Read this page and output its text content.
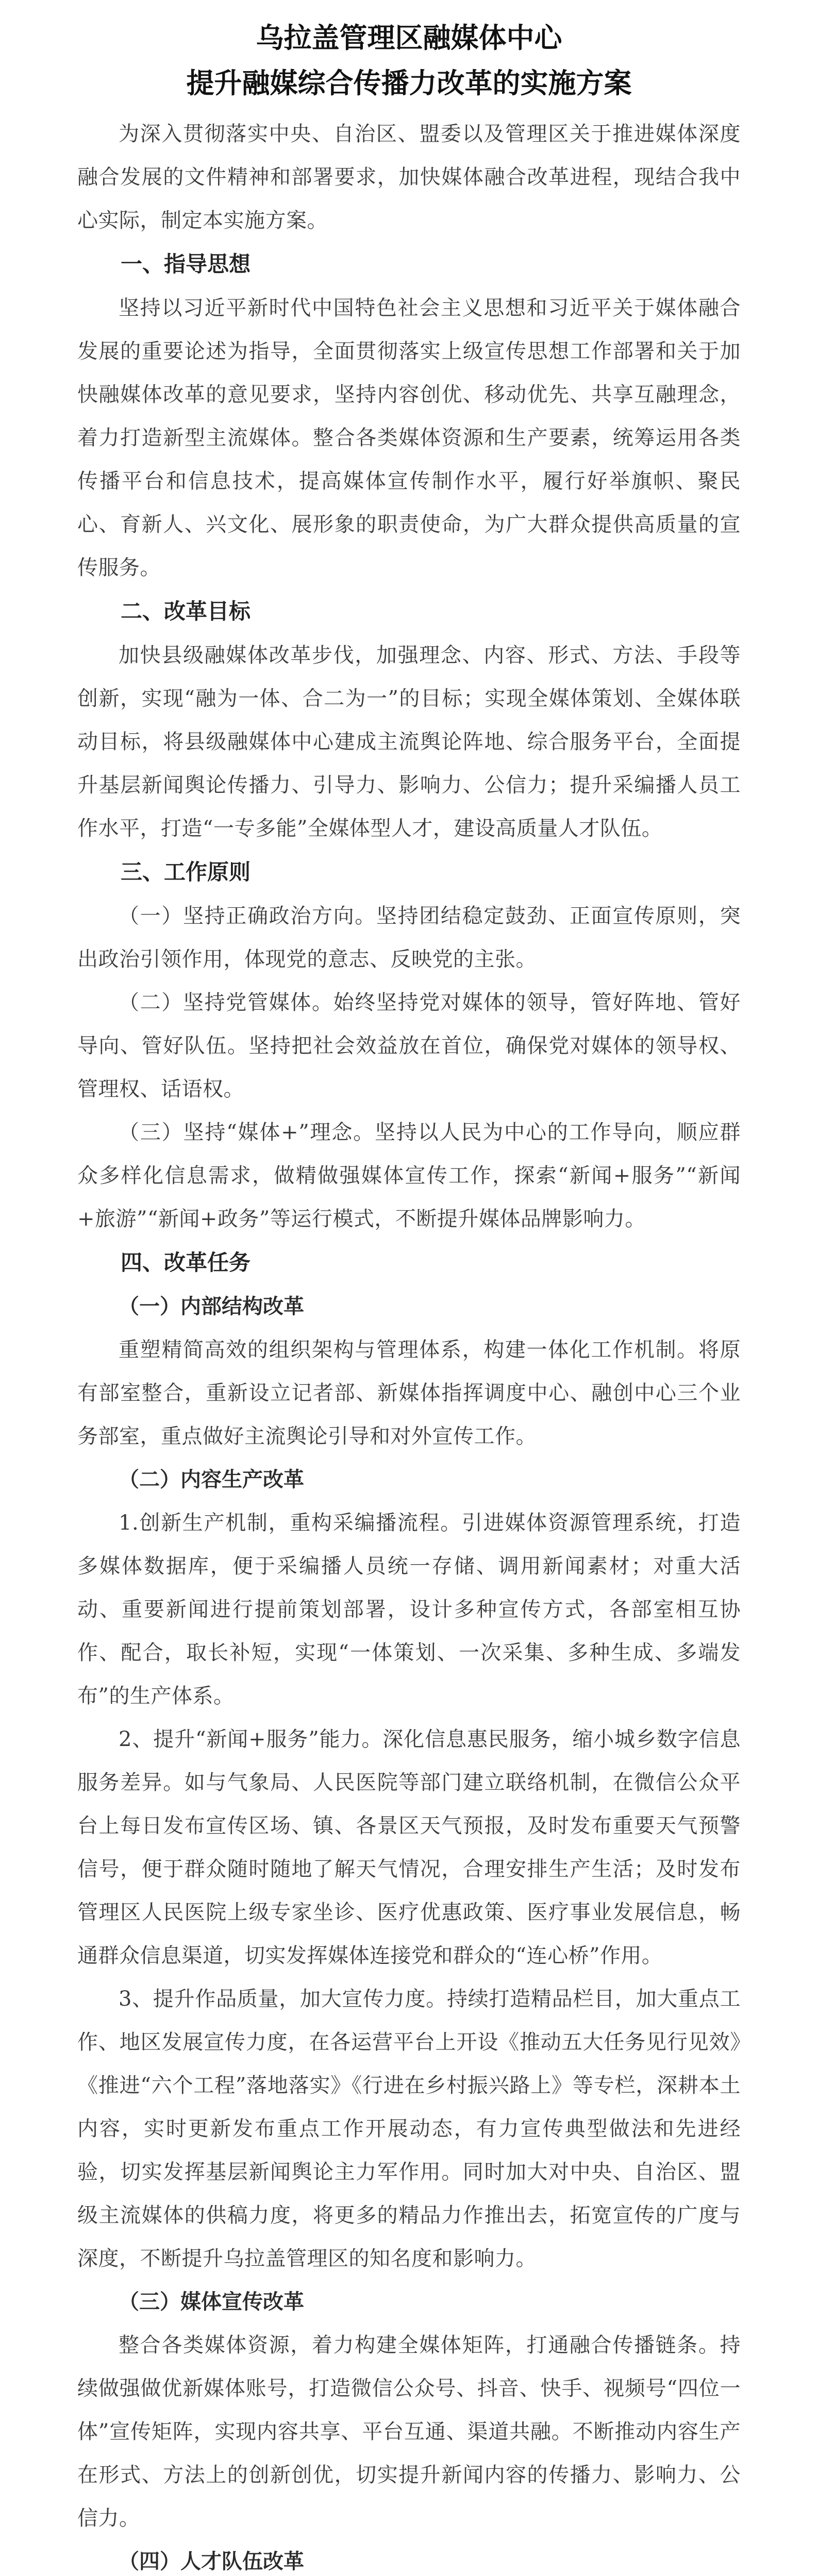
乌拉盖管理区融媒体中心

提升融媒综合传播力改革的实施方案

为深入贯彻落实中央、自治区、盟委以及管理区关于推进媒体深度融合发展的文件精神和部署要求，加快媒体融合改革进程，现结合我中心实际，制定本实施方案。

一、指导思想

坚持以习近平新时代中国特色社会主义思想和习近平关于媒体融合发展的重要论述为指导，全面贯彻落实上级宣传思想工作部署和关于加快融媒体改革的意见要求，坚持内容创优、移动优先、共享互融理念，着力打造新型主流媒体。整合各类媒体资源和生产要素，统筹运用各类传播平台和信息技术，提高媒体宣传制作水平，履行好举旗帜、聚民心、育新人、兴文化、展形象的职责使命，为广大群众提供高质量的宣传服务。

二、改革目标

加快县级融媒体改革步伐，加强理念、内容、形式、方法、手段等创新，实现“融为一体、合二为一”的目标；实现全媒体策划、全媒体联动目标，将县级融媒体中心建成主流舆论阵地、综合服务平台，全面提升基层新闻舆论传播力、引导力、影响力、公信力；提升采编播人员工作水平，打造“一专多能”全媒体型人才，建设高质量人才队伍。

三、工作原则

（一）坚持正确政治方向。坚持团结稳定鼓劲、正面宣传原则，突出政治引领作用，体现党的意志、反映党的主张。

（二）坚持党管媒体。始终坚持党对媒体的领导，管好阵地、管好导向、管好队伍。坚持把社会效益放在首位，确保党对媒体的领导权、管理权、话语权。

（三）坚持“媒体+”理念。坚持以人民为中心的工作导向，顺应群众多样化信息需求，做精做强媒体宣传工作，探索“新闻+服务”“新闻+旅游”“新闻+政务”等运行模式，不断提升媒体品牌影响力。

四、改革任务

（一）内部结构改革

重塑精简高效的组织架构与管理体系，构建一体化工作机制。将原有部室整合，重新设立记者部、新媒体指挥调度中心、融创中心三个业务部室，重点做好主流舆论引导和对外宣传工作。

（二）内容生产改革

1.创新生产机制，重构采编播流程。引进媒体资源管理系统，打造多媒体数据库，便于采编播人员统一存储、调用新闻素材；对重大活动、重要新闻进行提前策划部署，设计多种宣传方式，各部室相互协作、配合，取长补短，实现“一体策划、一次采集、多种生成、多端发布”的生产体系。

2、提升“新闻+服务”能力。深化信息惠民服务，缩小城乡数字信息服务差异。如与气象局、人民医院等部门建立联络机制，在微信公众平台上每日发布宣传区场、镇、各景区天气预报，及时发布重要天气预警信号，便于群众随时随地了解天气情况，合理安排生产生活；及时发布管理区人民医院上级专家坐诊、医疗优惠政策、医疗事业发展信息，畅通群众信息渠道，切实发挥媒体连接党和群众的“连心桥”作用。

3、提升作品质量，加大宣传力度。持续打造精品栏目，加大重点工作、地区发展宣传力度，在各运营平台上开设《推动五大任务见行见效》《推进“六个工程”落地落实》《行进在乡村振兴路上》等专栏，深耕本土内容，实时更新发布重点工作开展动态，有力宣传典型做法和先进经验，切实发挥基层新闻舆论主力军作用。同时加大对中央、自治区、盟级主流媒体的供稿力度，将更多的精品力作推出去，拓宽宣传的广度与深度，不断提升乌拉盖管理区的知名度和影响力。

（三）媒体宣传改革

整合各类媒体资源，着力构建全媒体矩阵，打通融合传播链条。持续做强做优新媒体账号，打造微信公众号、抖音、快手、视频号“四位一体”宣传矩阵，实现内容共享、平台互通、渠道共融。不断推动内容生产在形式、方法上的创新创优，切实提升新闻内容的传播力、影响力、公信力。

（四）人才队伍改革
